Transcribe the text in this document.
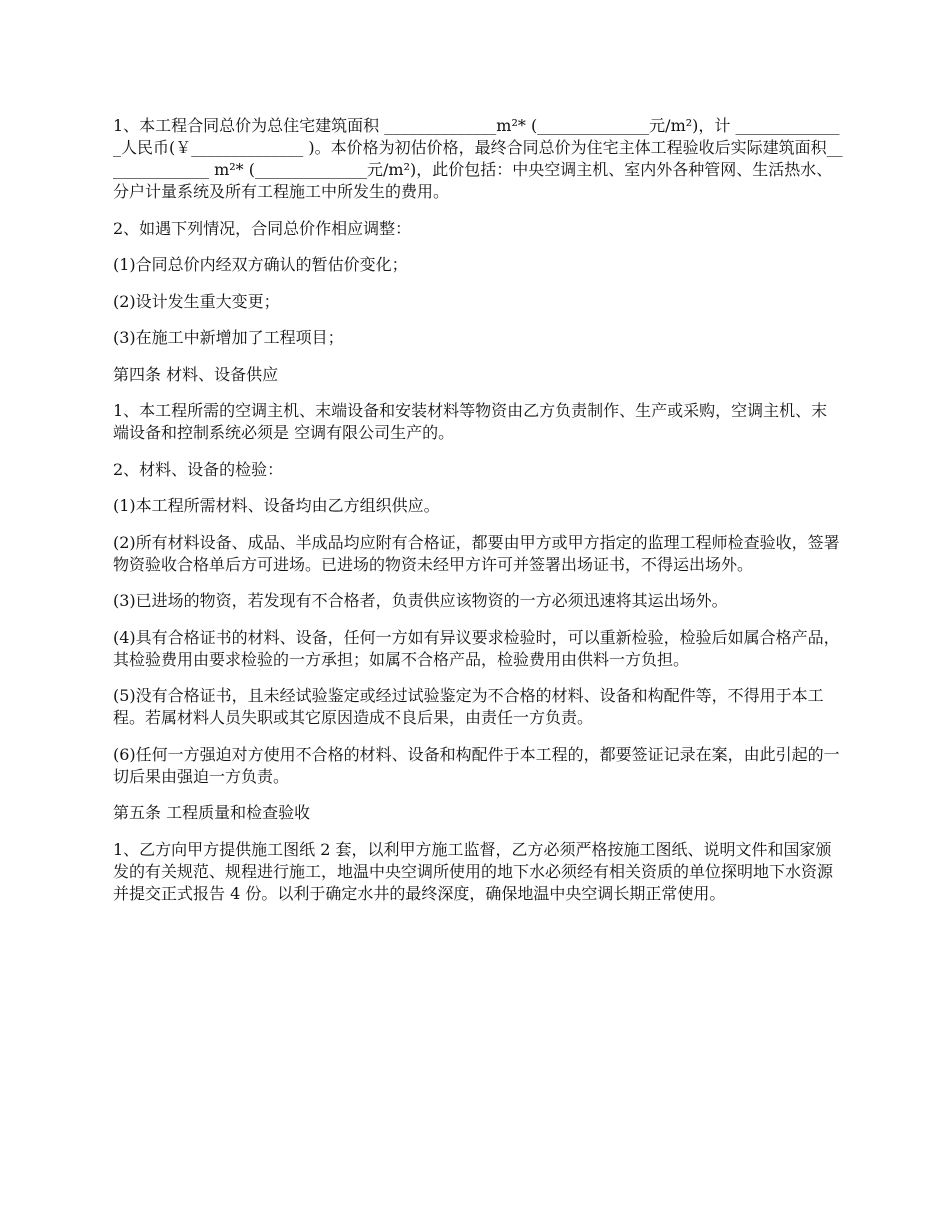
1、本工程合同总价为总住宅建筑面积 ______________m²* (______________元/m²)，计 ______________人民币(￥______________ )。本价格为初估价格，最终合同总价为住宅主体工程验收后实际建筑面积______________ m²* (______________元/m²)，此价包括：中央空调主机、室内外各种管网、生活热水、分户计量系统及所有工程施工中所发生的费用。

2、如遇下列情况，合同总价作相应调整：

(1)合同总价内经双方确认的暂估价变化；

(2)设计发生重大变更；

(3)在施工中新增加了工程项目；

第四条 材料、设备供应

1、本工程所需的空调主机、末端设备和安装材料等物资由乙方负责制作、生产或采购，空调主机、末端设备和控制系统必须是 空调有限公司生产的。

2、材料、设备的检验：

(1)本工程所需材料、设备均由乙方组织供应。

(2)所有材料设备、成品、半成品均应附有合格证，都要由甲方或甲方指定的监理工程师检查验收，签署物资验收合格单后方可进场。已进场的物资未经甲方许可并签署出场证书，不得运出场外。

(3)已进场的物资，若发现有不合格者，负责供应该物资的一方必须迅速将其运出场外。

(4)具有合格证书的材料、设备，任何一方如有异议要求检验时，可以重新检验，检验后如属合格产品，其检验费用由要求检验的一方承担；如属不合格产品，检验费用由供料一方负担。

(5)没有合格证书，且未经试验鉴定或经过试验鉴定为不合格的材料、设备和构配件等，不得用于本工程。若属材料人员失职或其它原因造成不良后果，由责任一方负责。

(6)任何一方强迫对方使用不合格的材料、设备和构配件于本工程的，都要签证记录在案，由此引起的一切后果由强迫一方负责。

第五条 工程质量和检查验收

1、乙方向甲方提供施工图纸 2 套，以利甲方施工监督，乙方必须严格按施工图纸、说明文件和国家颁发的有关规范、规程进行施工，地温中央空调所使用的地下水必须经有相关资质的单位探明地下水资源并提交正式报告 4 份。以利于确定水井的最终深度，确保地温中央空调长期正常使用。
